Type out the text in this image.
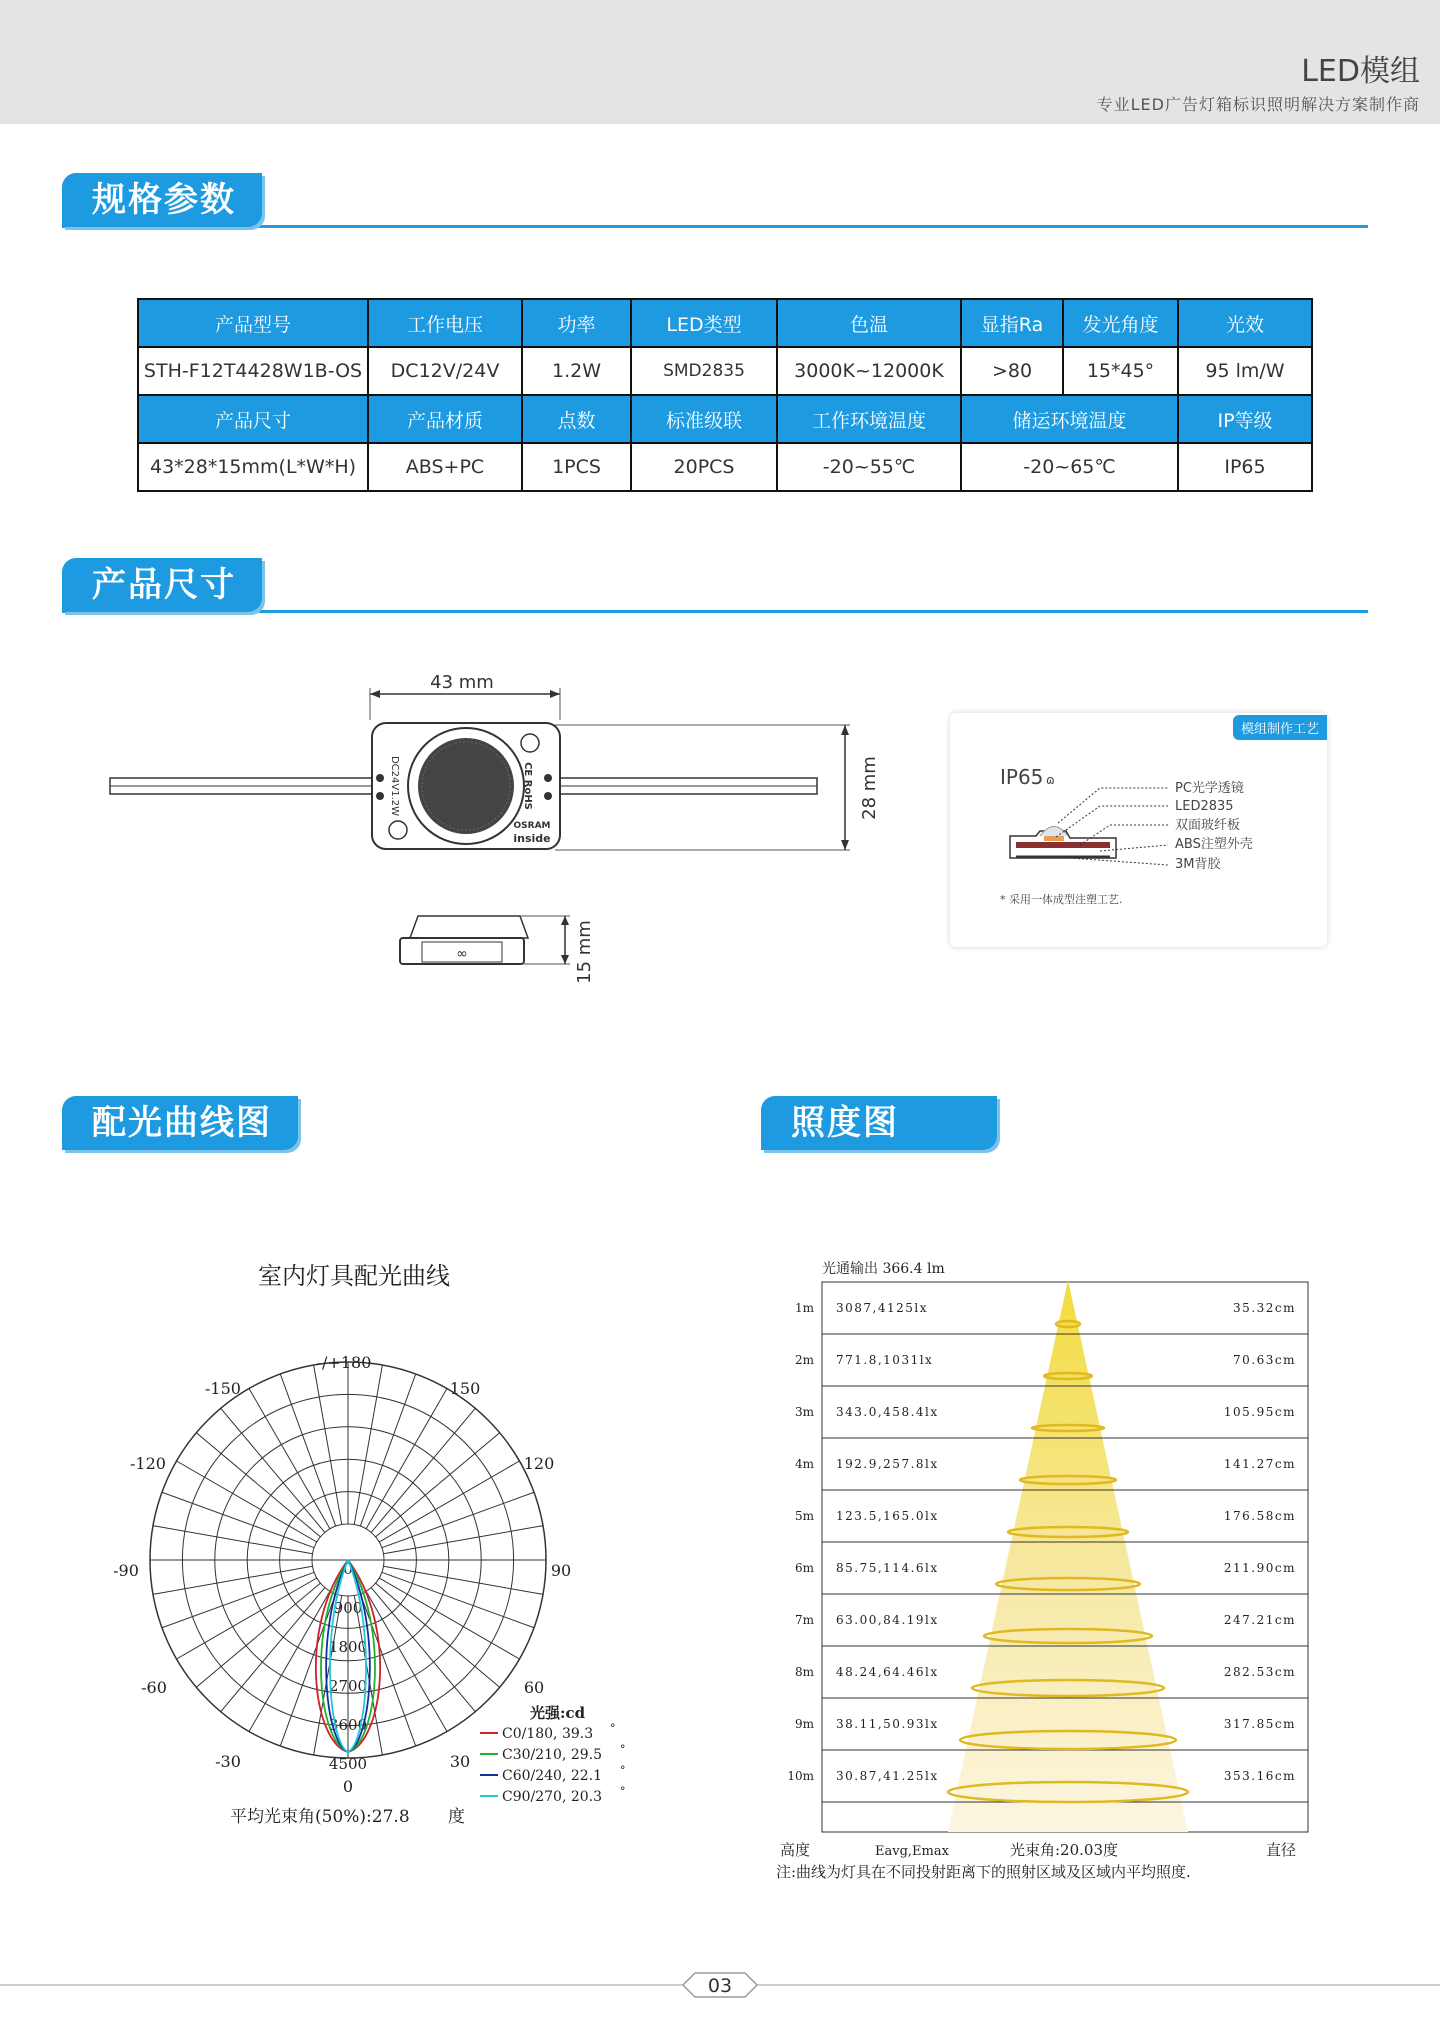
LED模组
专业LED广告灯箱标识照明解决方案制作商
规格参数
产品型号	工作电压	功率	LED类型	色温	显指Ra	发光角度	光效
STH-F12T4428W1B-OS	DC12V/24V	1.2W	SMD2835	3000K~12000K	>80	15*45°	95 lm/W
产品尺寸	产品材质	点数	标准级联	工作环境温度	储运环境温度		IP等级
43*28*15mm(L*W*H)	ABS+PC	1PCS	20PCS	-20~55℃	-20~65℃		IP65
产品尺寸
43 mm
DC24V1.2W	CE RoHS
OSRAM
inside
28 mm
∞	15 mm
模组制作工艺
IP65 ɷ
PC光学透镜
LED2835
双面玻纤板
ABS注塑外壳
3M背胶
* 采用一体成型注塑工艺.
配光曲线图	照度图
室内灯具配光曲线
-/+180
-150	150
-120	120
-90	90
-60	60
-30	30
0
0
900
1800
2700
3600
4500
光强:cd
C0/180, 39.3 °
C30/210, 29.5 °
C60/240, 22.1 °
C90/270, 20.3 °
平均光束角(50%):27.8 度
光通输出 366.4 lm
1m 3087,4125lx	35.32cm
2m 771.8,1031lx	70.63cm
3m 343.0,458.4lx	105.95cm
4m 192.9,257.8lx	141.27cm
5m 123.5,165.0lx	176.58cm
6m 85.75,114.6lx	211.90cm
7m 63.00,84.19lx	247.21cm
8m 48.24,64.46lx	282.53cm
9m 38.11,50.93lx	317.85cm
10m 30.87,41.25lx	353.16cm
高度	Eavg,Emax	光束角:20.03度	直径
注:曲线为灯具在不同投射距离下的照射区域及区域内平均照度.
03
